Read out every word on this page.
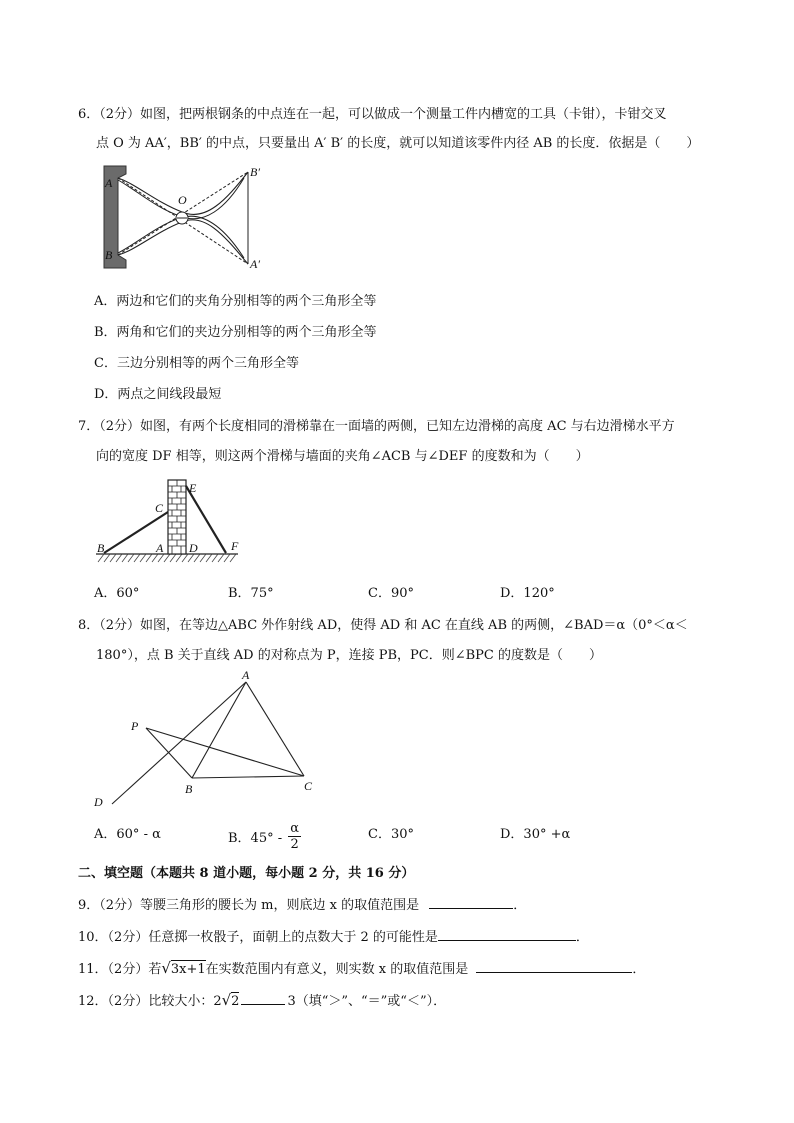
6．（2分）如图，把两根钢条的中点连在一起，可以做成一个测量工件内槽宽的工具（卡钳），卡钳交叉
点 O 为 AA′，BB′ 的中点，只要量出 A′ B′ 的长度，就可以知道该零件内径 AB 的长度．依据是（　　）
A
B
O
B′
A′
A．两边和它们的夹角分别相等的两个三角形全等
B．两角和它们的夹边分别相等的两个三角形全等
C．三边分别相等的两个三角形全等
D．两点之间线段最短
7．（2分）如图，有两个长度相同的滑梯靠在一面墙的两侧，已知左边滑梯的高度 AC 与右边滑梯水平方
向的宽度 DF 相等，则这两个滑梯与墙面的夹角∠ACB 与∠DEF 的度数和为（　　）
B
C
A D
E
F
A．60°	B．75°	C．90°	D．120°
8．（2分）如图，在等边△ABC 外作射线 AD，使得 AD 和 AC 在直线 AB 的两侧，∠BAD＝α（0°＜α＜
180°），点 B 关于直线 AD 的对称点为 P，连接 PB，PC．则∠BPC 的度数是（　　）
A
P
B	C
D
A．60° - α	B．$45^\circ - \frac{\alpha}{2}$	C．30°	D．30° +α
二、填空题（本题共 8 道小题，每小题 2 分，共 16 分）
9．（2分）等腰三角形的腰长为 m，则底边 x 的取值范围是	．
10．（2分）任意掷一枚骰子，面朝上的点数大于 2 的可能性是	．
11．（2分）若√3x+1在实数范围内有意义，则实数 x 的取值范围是	．
12．（2分）比较大小：2√2	3（填“＞”、“＝”或“＜”）．
